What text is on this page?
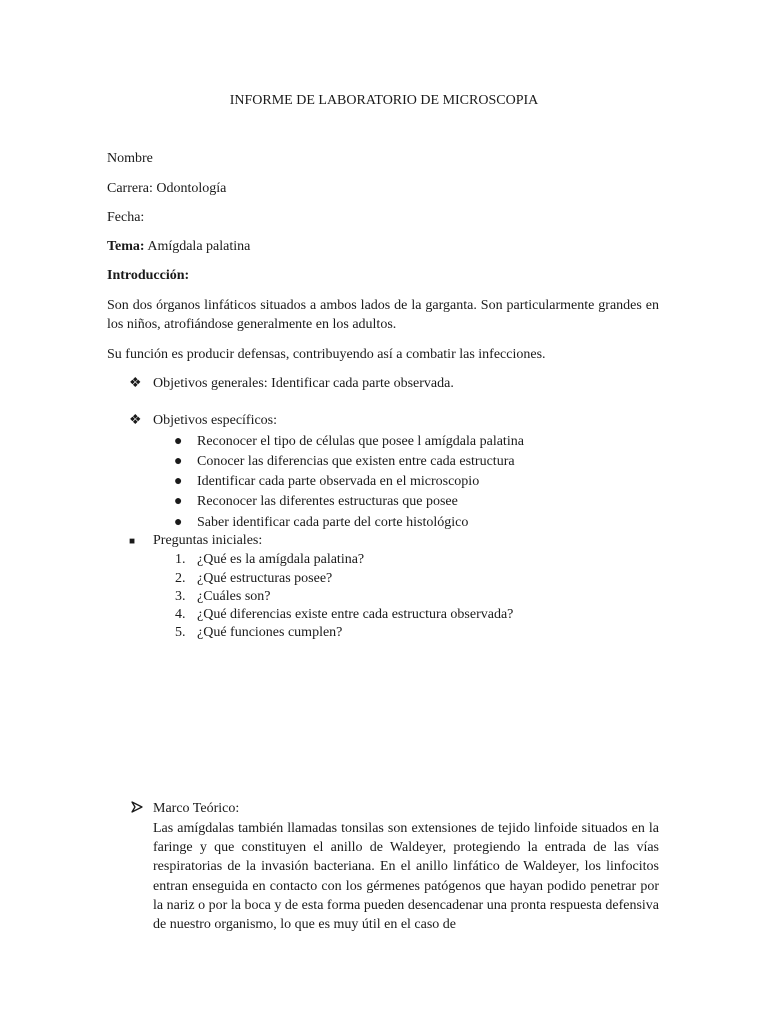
INFORME DE LABORATORIO DE MICROSCOPIA

Nombre

Carrera: Odontología

Fecha:

Tema: Amígdala palatina

Introducción:

Son dos órganos linfáticos situados a ambos lados de la garganta. Son particularmente grandes en los niños, atrofiándose generalmente en los adultos.

Su función es producir defensas, contribuyendo así a combatir las infecciones.

❖ Objetivos generales: Identificar cada parte observada.
❖ Objetivos específicos:
● Reconocer el tipo de células que posee l amígdala palatina
● Conocer las diferencias que existen entre cada estructura
● Identificar cada parte observada en el microscopio
● Reconocer las diferentes estructuras que posee
● Saber identificar cada parte del corte histológico
■ Preguntas iniciales:
1. ¿Qué es la amígdala palatina?
2. ¿Qué estructuras posee?
3. ¿Cuáles son?
4. ¿Qué diferencias existe entre cada estructura observada?
5. ¿Qué funciones cumplen?
Marco Teórico:

Las amígdalas también llamadas tonsilas son extensiones de tejido linfoide situados en la faringe y que constituyen el anillo de Waldeyer, protegiendo la entrada de las vías respiratorias de la invasión bacteriana. En el anillo linfático de Waldeyer, los linfocitos entran enseguida en contacto con los gérmenes patógenos que hayan podido penetrar por la nariz o por la boca y de esta forma pueden desencadenar una pronta respuesta defensiva de nuestro organismo, lo que es muy útil en el caso de
